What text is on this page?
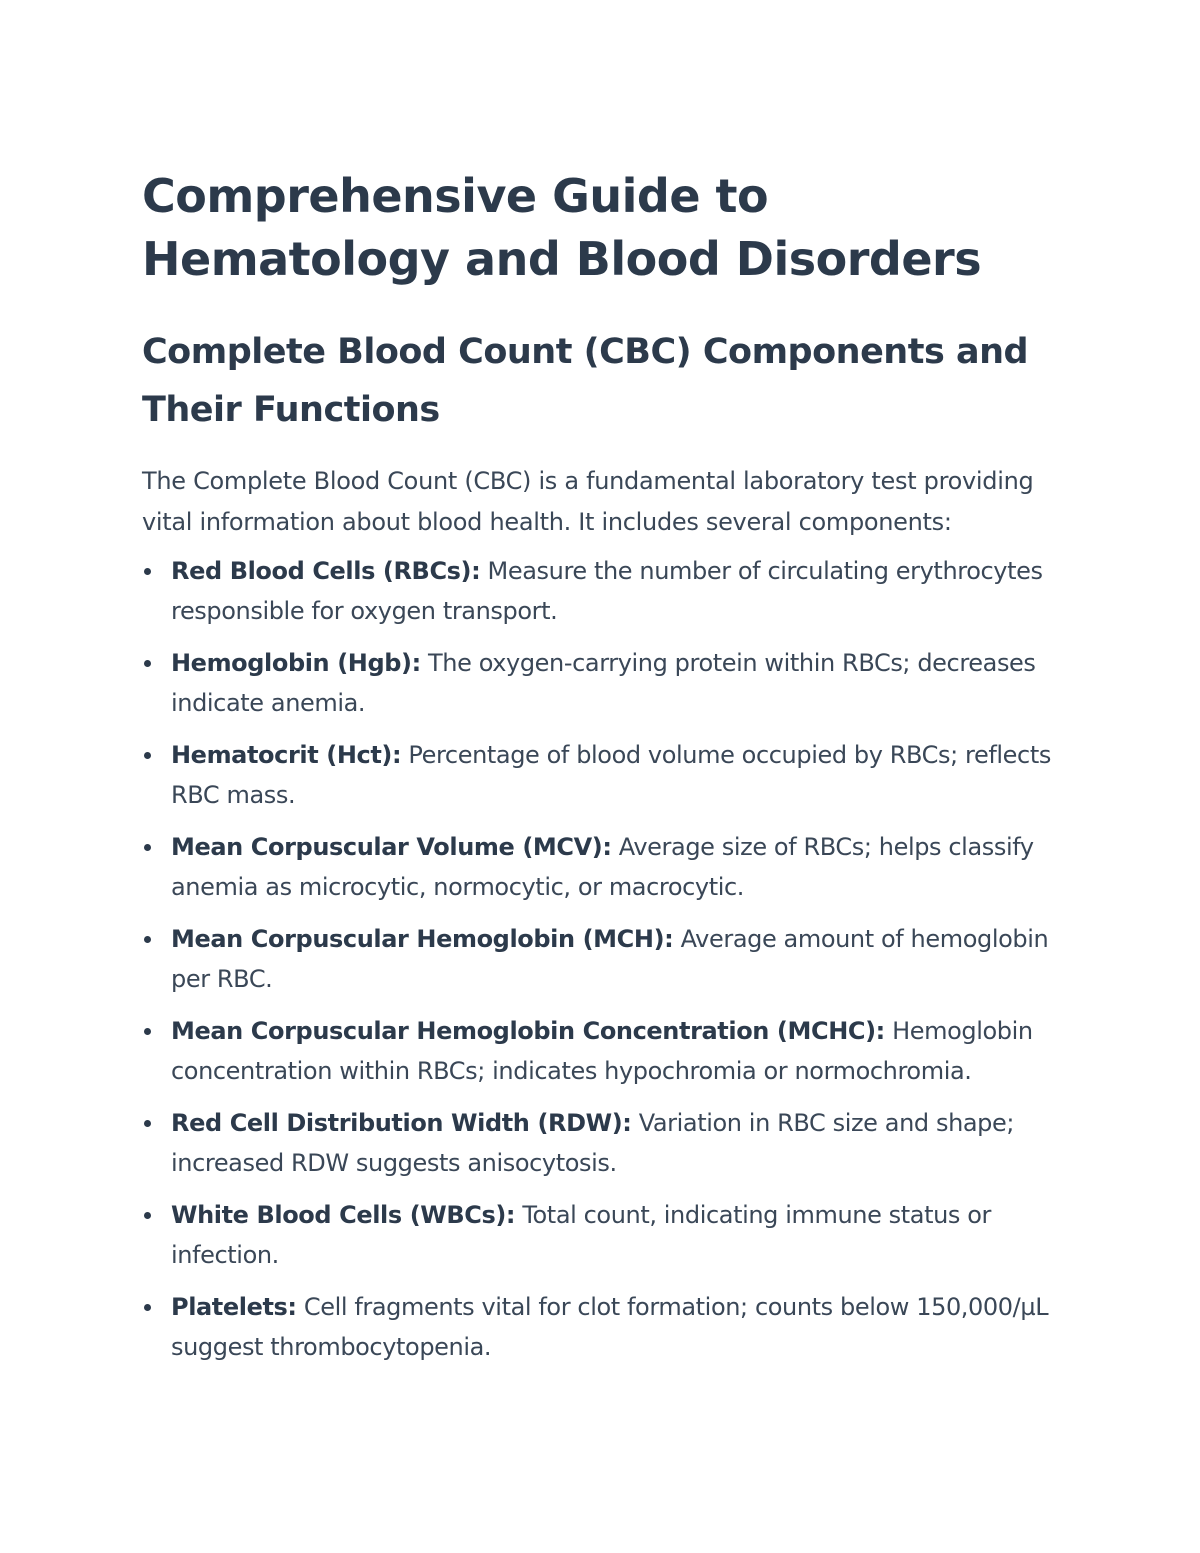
Comprehensive Guide to Hematology and Blood Disorders
Complete Blood Count (CBC) Components and Their Functions

The Complete Blood Count (CBC) is a fundamental laboratory test providing vital information about blood health. It includes several components:

Red Blood Cells (RBCs): Measure the number of circulating erythrocytes responsible for oxygen transport.
Hemoglobin (Hgb): The oxygen-carrying protein within RBCs; decreases indicate anemia.
Hematocrit (Hct): Percentage of blood volume occupied by RBCs; reflects RBC mass.
Mean Corpuscular Volume (MCV): Average size of RBCs; helps classify anemia as microcytic, normocytic, or macrocytic.
Mean Corpuscular Hemoglobin (MCH): Average amount of hemoglobin per RBC.
Mean Corpuscular Hemoglobin Concentration (MCHC): Hemoglobin concentration within RBCs; indicates hypochromia or normochromia.
Red Cell Distribution Width (RDW): Variation in RBC size and shape; increased RDW suggests anisocytosis.
White Blood Cells (WBCs): Total count, indicating immune status or infection.
Platelets: Cell fragments vital for clot formation; counts below 150,000/µL suggest thrombocytopenia.
